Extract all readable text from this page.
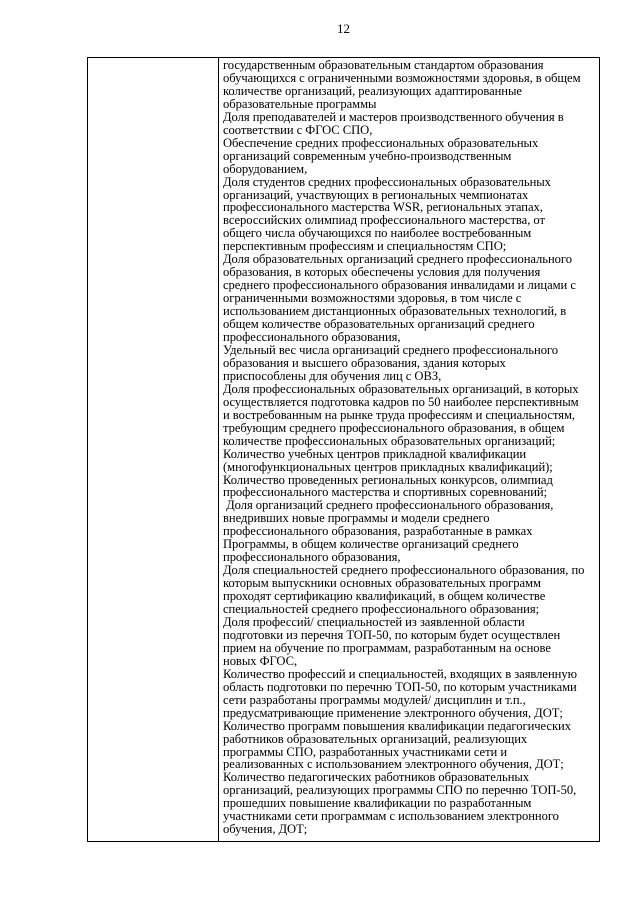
12
государственным образовательным стандартом образования
обучающихся с ограниченными возможностями здоровья, в общем
количестве организаций, реализующих адаптированные
образовательные программы
Доля преподавателей и мастеров производственного обучения в
соответствии с ФГОС СПО,
Обеспечение средних профессиональных образовательных
организаций современным учебно-производственным
оборудованием,
Доля студентов средних профессиональных образовательных
организаций, участвующих в региональных чемпионатах
профессионального мастерства WSR, региональных этапах,
всероссийских олимпиад профессионального мастерства, от
общего числа обучающихся по наиболее востребованным
перспективным профессиям и специальностям СПО;
Доля образовательных организаций среднего профессионального
образования, в которых обеспечены условия для получения
среднего профессионального образования инвалидами и лицами с
ограниченными возможностями здоровья, в том числе с
использованием дистанционных образовательных технологий, в
общем количестве образовательных организаций среднего
профессионального образования,
Удельный вес числа организаций среднего профессионального
образования и высшего образования, здания которых
приспособлены для обучения лиц с ОВЗ,
Доля профессиональных образовательных организаций, в которых
осуществляется подготовка кадров по 50 наиболее перспективным
и востребованным на рынке труда профессиям и специальностям,
требующим среднего профессионального образования, в общем
количестве профессиональных образовательных организаций;
Количество учебных центров прикладной квалификации
(многофункциональных центров прикладных квалификаций);
Количество проведенных региональных конкурсов, олимпиад
профессионального мастерства и спортивных соревнований;
Доля организаций среднего профессионального образования,
внедривших новые программы и модели среднего
профессионального образования, разработанные в рамках
Программы, в общем количестве организаций среднего
профессионального образования,
Доля специальностей среднего профессионального образования, по
которым выпускники основных образовательных программ
проходят сертификацию квалификаций, в общем количестве
специальностей среднего профессионального образования;
Доля профессий/ специальностей из заявленной области
подготовки из перечня ТОП-50, по которым будет осуществлен
прием на обучение по программам, разработанным на основе
новых ФГОС,
Количество профессий и специальностей, входящих в заявленную
область подготовки по перечню ТОП-50, по которым участниками
сети разработаны программы модулей/ дисциплин и т.п.,
предусматривающие применение электронного обучения, ДОТ;
Количество программ повышения квалификации педагогических
работников образовательных организаций, реализующих
программы СПО, разработанных участниками сети и
реализованных с использованием электронного обучения, ДОТ;
Количество педагогических работников образовательных
организаций, реализующих программы СПО по перечню ТОП-50,
прошедших повышение квалификации по разработанным
участниками сети программам с использованием электронного
обучения, ДОТ;
